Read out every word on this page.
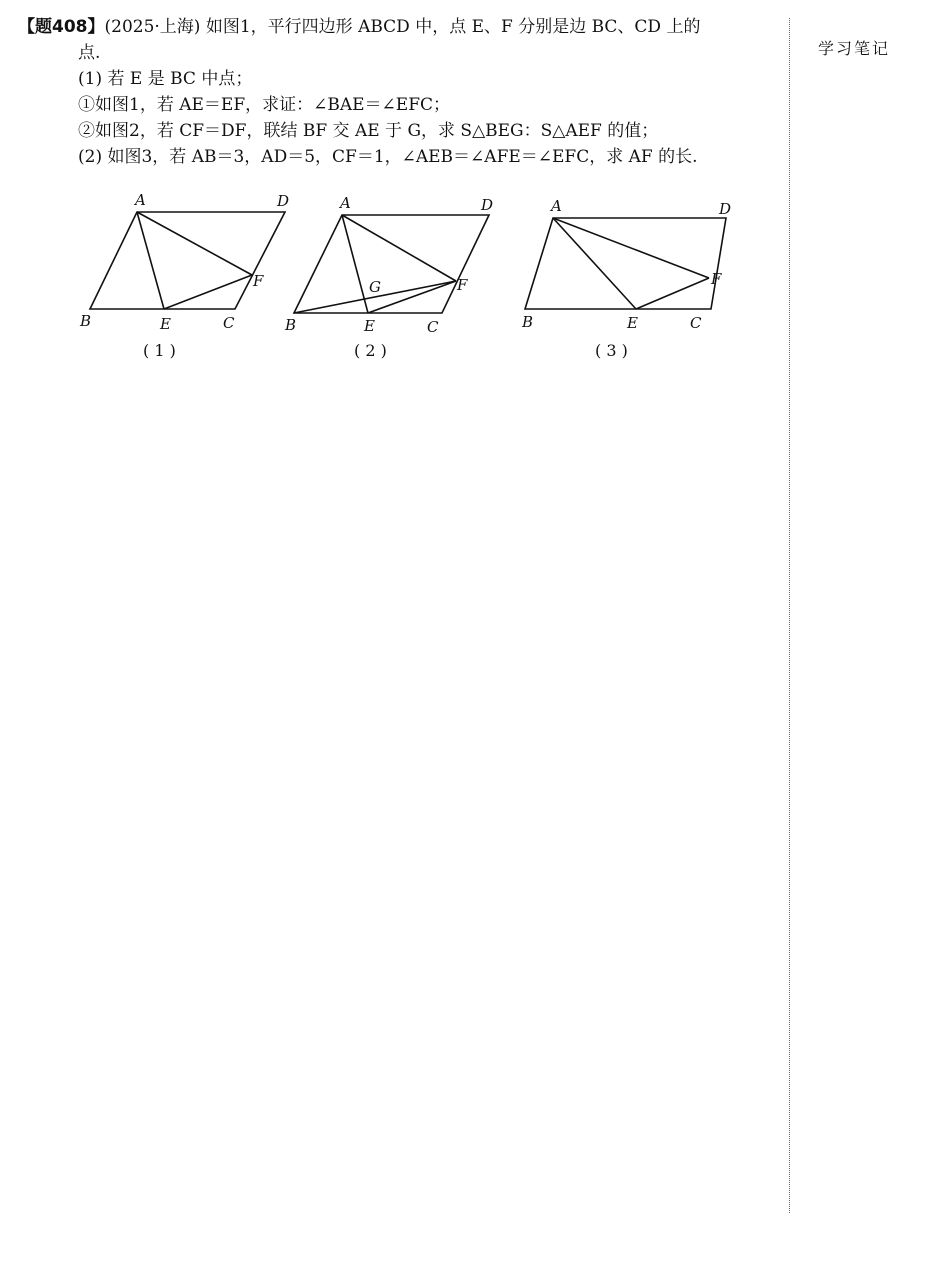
【题408】(2025·上海) 如图1，平行四边形 ABCD 中，点 E、F 分别是边 BC、CD 上的
点.
(1) 若 E 是 BC 中点；
①如图1，若 AE＝EF，求证：∠BAE＝∠EFC；
②如图2，若 CF＝DF，联结 BF 交 AE 于 G，求 S△BEG：S△AEF 的值；
(2) 如图3，若 AB＝3，AD＝5，CF＝1，∠AEB＝∠AFE＝∠EFC，求 AF 的长.
学习笔记
A	D
F
B	E	C
( 1 )
A	D
G	F
B	E	C
( 2 )
A	D
F
B	E	C
( 3 )
